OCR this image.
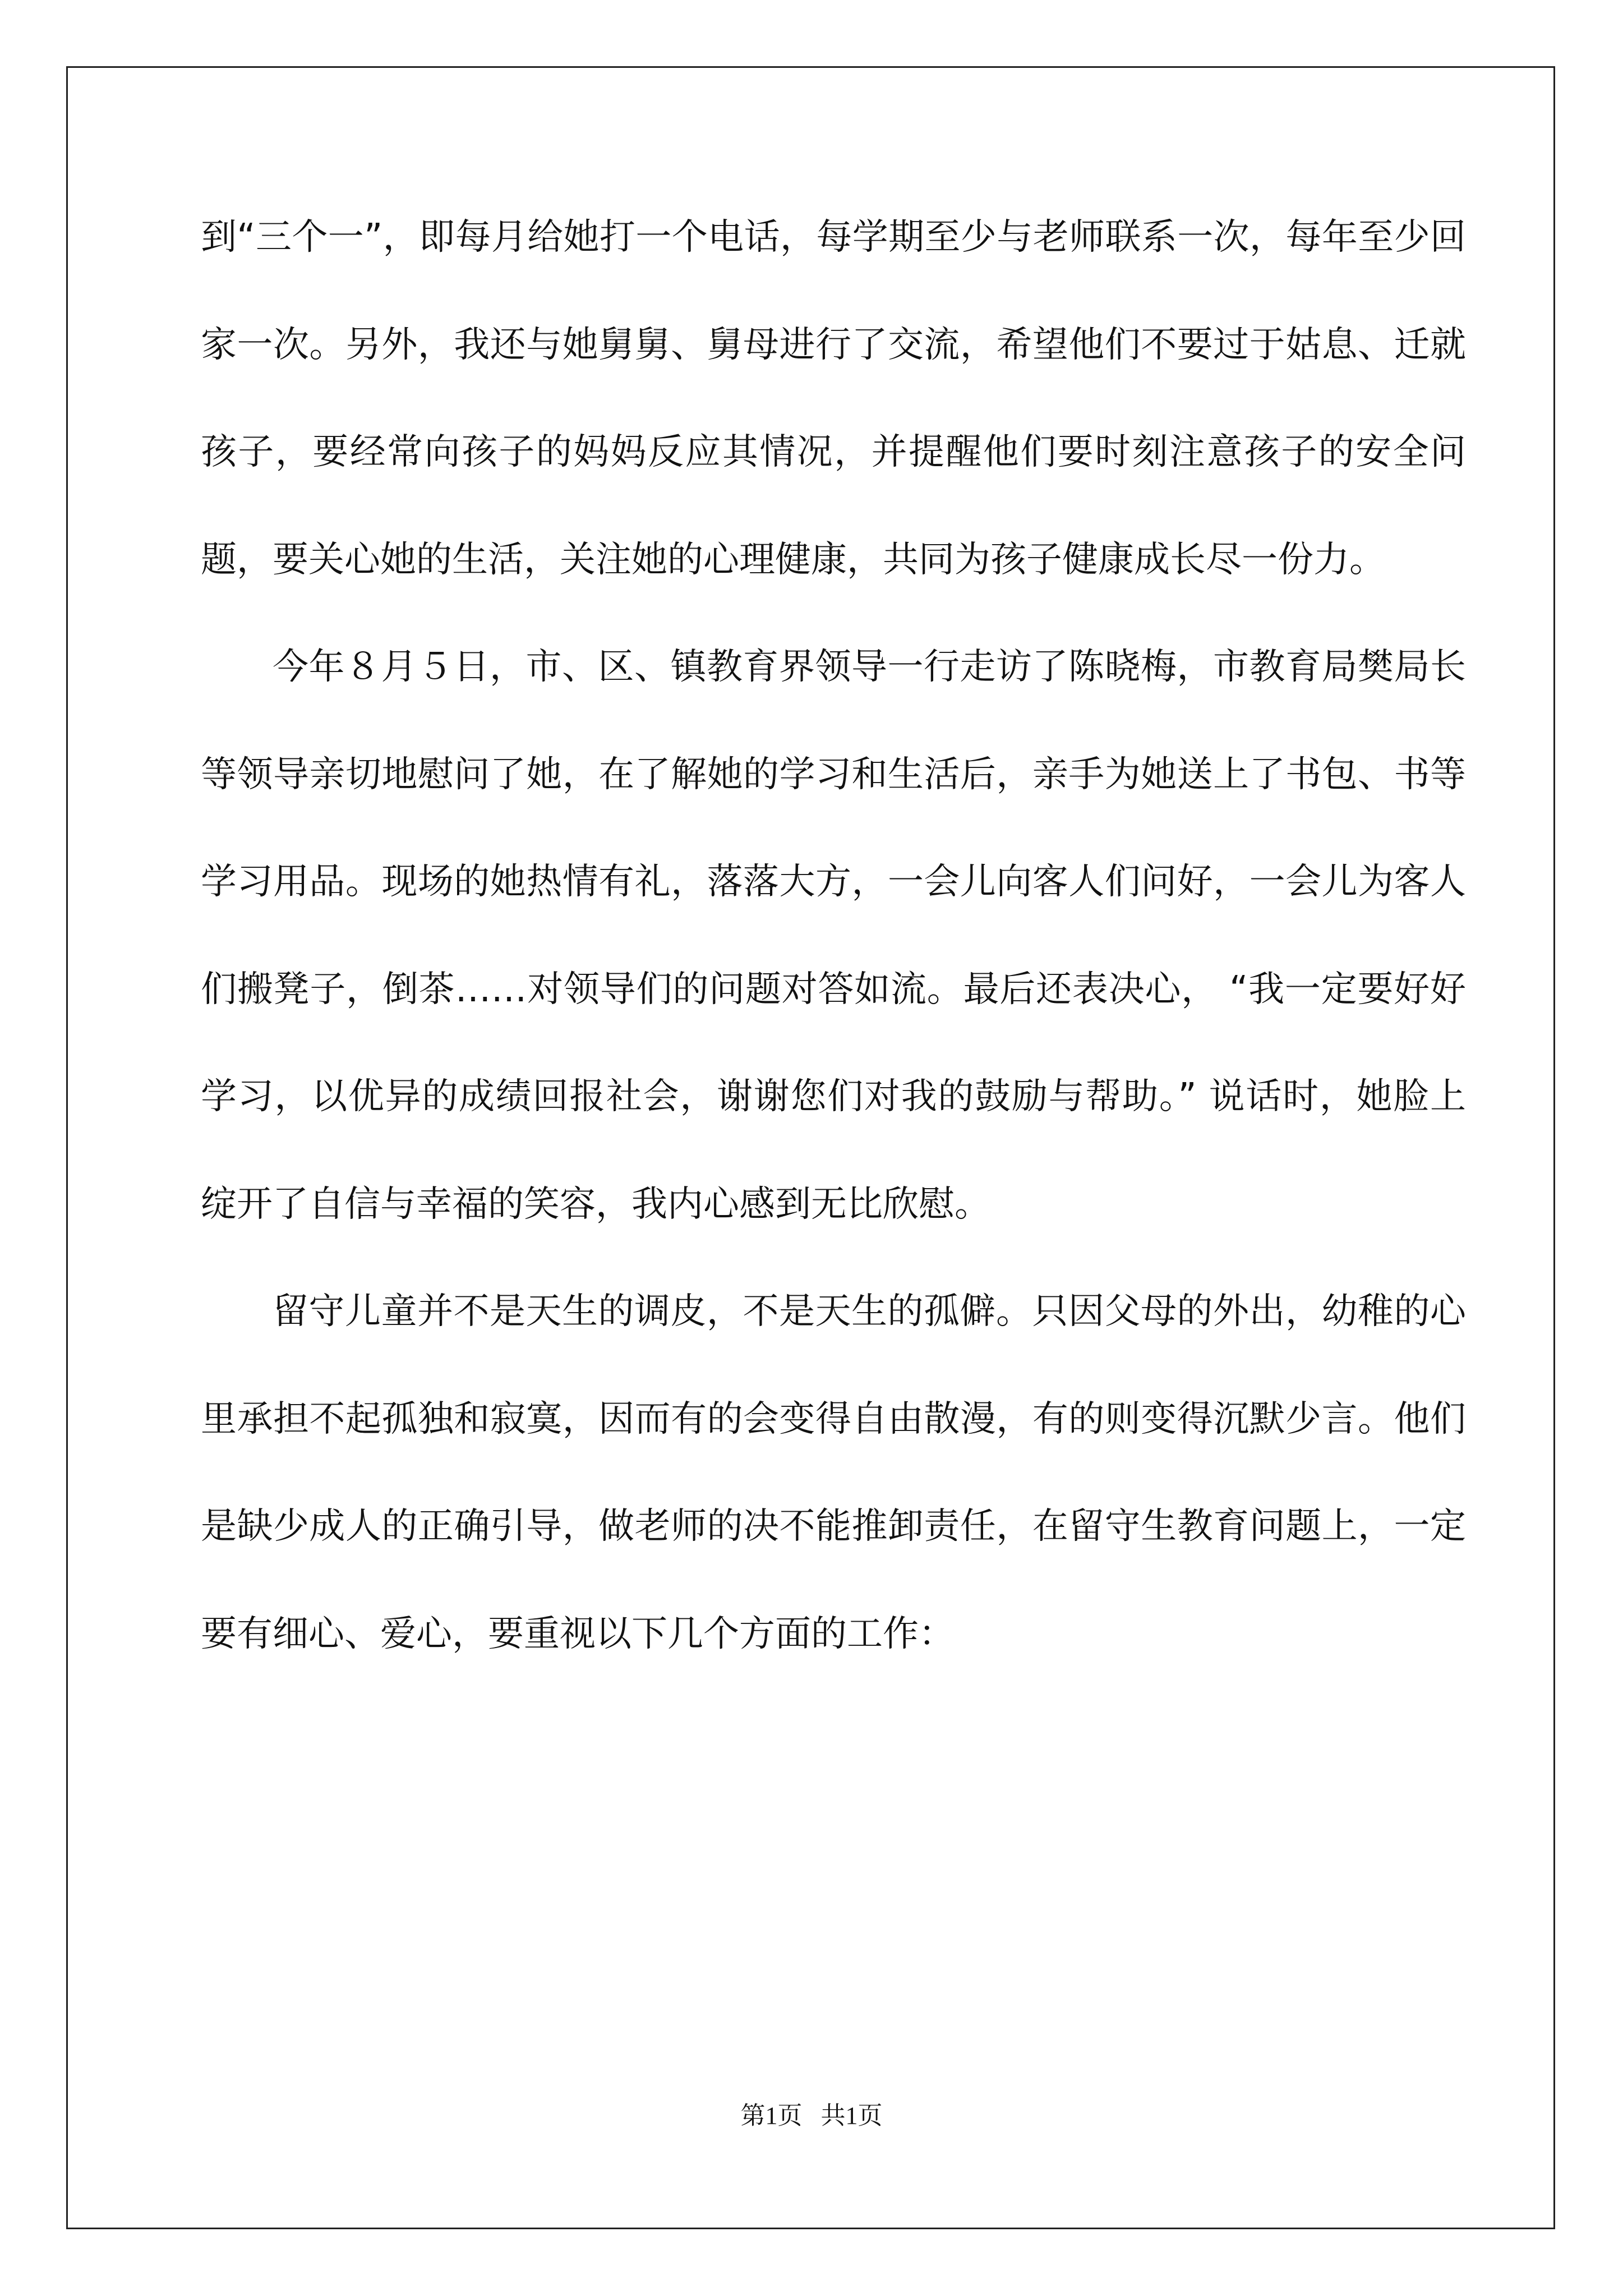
到“三个一”，即每月给她打一个电话，每学期至少与老师联系一次，每年至少回家一次。另外，我还与她舅舅、舅母进行了交流，希望他们不要过于姑息、迁就孩子，要经常向孩子的妈妈反应其情况，并提醒他们要时刻注意孩子的安全问题，要关心她的生活，关注她的心理健康，共同为孩子健康成长尽一份力。

今年８月５日，市、区、镇教育界领导一行走访了陈晓梅，市教育局樊局长等领导亲切地慰问了她，在了解她的学习和生活后，亲手为她送上了书包、书等学习用品。现场的她热情有礼，落落大方，一会儿向客人们问好，一会儿为客人们搬凳子，倒茶……对领导们的问题对答如流。最后还表决心， “我一定要好好学习，以优异的成绩回报社会，谢谢您们对我的鼓励与帮助。” 说话时，她脸上绽开了自信与幸福的笑容，我内心感到无比欣慰。

留守儿童并不是天生的调皮，不是天生的孤僻。只因父母的外出，幼稚的心里承担不起孤独和寂寞，因而有的会变得自由散漫，有的则变得沉默少言。他们是缺少成人的正确引导，做老师的决不能推卸责任，在留守生教育问题上，一定要有细心、爱心，要重视以下几个方面的工作：

第1页   共1页
